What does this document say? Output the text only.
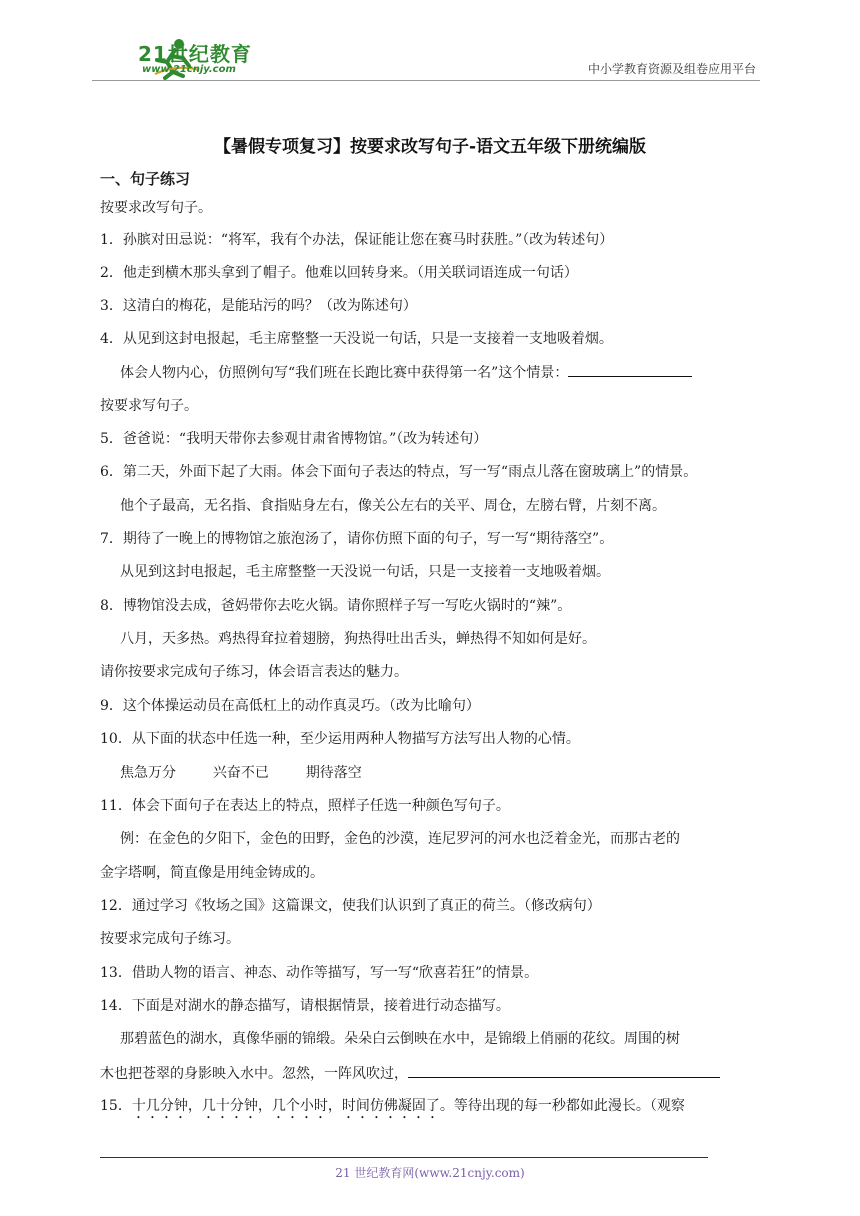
21世纪教育
www.21cnjy.com	中小学教育资源及组卷应用平台
【暑假专项复习】按要求改写句子-语文五年级下册统编版
一、句子练习
按要求改写句子。
1．孙膑对田忌说：“将军，我有个办法，保证能让您在赛马时获胜。”（改为转述句）
2．他走到横木那头拿到了帽子。他难以回转身来。（用关联词语连成一句话）
3．这清白的梅花，是能玷污的吗？（改为陈述句）
4．从见到这封电报起，毛主席整整一天没说一句话，只是一支接着一支地吸着烟。
体会人物内心，仿照例句写“我们班在长跑比赛中获得第一名”这个情景：
按要求写句子。
5．爸爸说：“我明天带你去参观甘肃省博物馆。”（改为转述句）
6．第二天，外面下起了大雨。体会下面句子表达的特点，写一写“雨点儿落在窗玻璃上”的情景。
他个子最高，无名指、食指贴身左右，像关公左右的关平、周仓，左膀右臂，片刻不离。
7．期待了一晚上的博物馆之旅泡汤了，请你仿照下面的句子，写一写“期待落空”。
从见到这封电报起，毛主席整整一天没说一句话，只是一支接着一支地吸着烟。
8．博物馆没去成，爸妈带你去吃火锅。请你照样子写一写吃火锅时的“辣”。
八月，天多热。鸡热得耷拉着翅膀，狗热得吐出舌头，蝉热得不知如何是好。
请你按要求完成句子练习，体会语言表达的魅力。
9．这个体操运动员在高低杠上的动作真灵巧。（改为比喻句）
10．从下面的状态中任选一种，至少运用两种人物描写方法写出人物的心情。
焦急万分	兴奋不已	期待落空
11．体会下面句子在表达上的特点，照样子任选一种颜色写句子。
例：在金色的夕阳下，金色的田野，金色的沙漠，连尼罗河的河水也泛着金光，而那古老的
金字塔啊，简直像是用纯金铸成的。
12．通过学习《牧场之国》这篇课文，使我们认识到了真正的荷兰。（修改病句）
按要求完成句子练习。
13．借助人物的语言、神态、动作等描写，写一写“欣喜若狂”的情景。
14．下面是对湖水的静态描写，请根据情景，接着进行动态描写。
那碧蓝色的湖水，真像华丽的锦缎。朵朵白云倒映在水中，是锦缎上俏丽的花纹。周围的树
木也把苍翠的身影映入水中。忽然，一阵风吹过，
15．十几分钟，几十分钟，几个小时，时间仿佛凝固了。等待出现的每一秒都如此漫长。（观察
21 世纪教育网(www.21cnjy.com)
